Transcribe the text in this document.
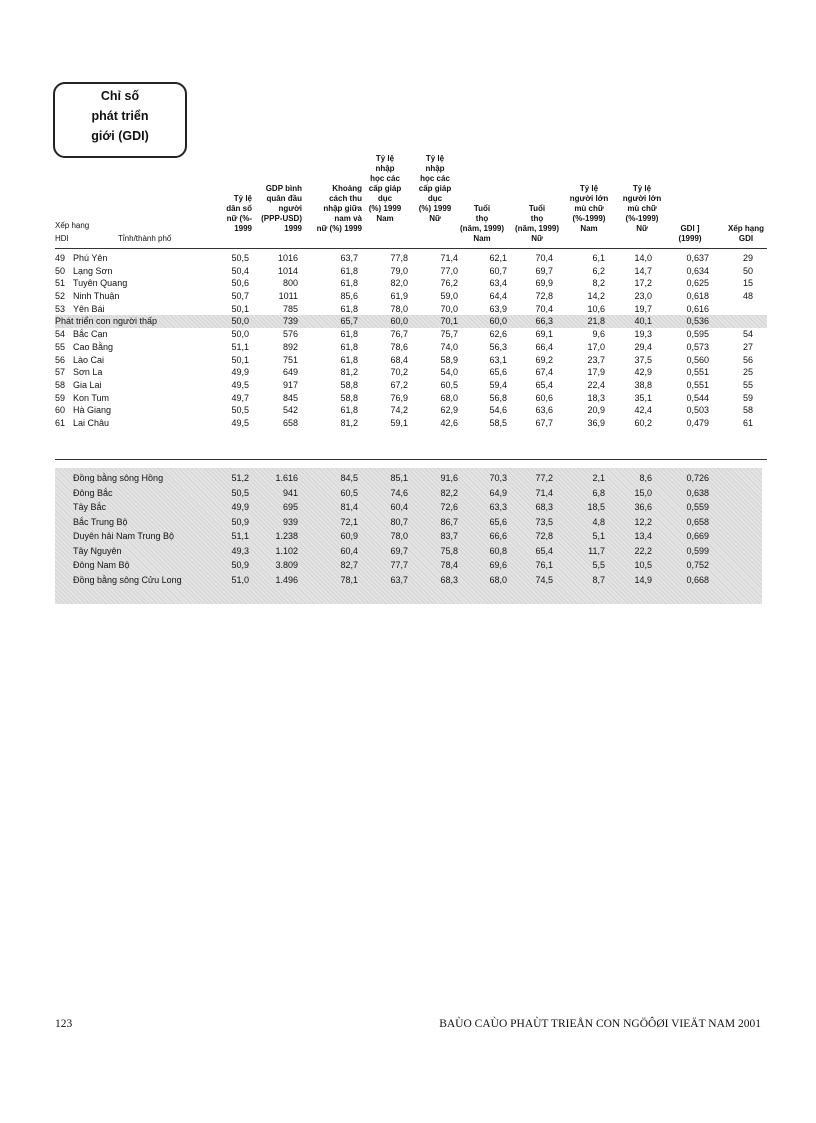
Chỉ số
phát triển
giới (GDI)
Xếp hạng
HDI	Tỉnh/thành phố
Tỷ lệ
dân số
nữ (%-
1999
GDP bình
quân đầu
người
(PPP-USD)
1999
Khoảng
cách thu
nhập giữa
nam và
nữ (%) 1999
Tỷ lệ
nhập
học các
cấp giáp
dục
(%) 1999
Nam
Tỷ lệ
nhập
học các
cấp giáp
dục
(%) 1999
Nữ
Tuổi
thọ
(năm, 1999)
Nam
Tuổi
thọ
(năm, 1999)
Nữ
Tỷ lệ
người lớn
mù chữ
(%-1999)
Nam
Tỷ lệ
người lớn
mù chữ
(%-1999)
Nữ	GDI ]
(1999)
Xếp hạng
GDI
49 Phú Yên	50,5	1016	63,7	77,8	71,4	62,1	70,4	6,1	14,0	0,637	29
50 Lạng Sơn	50,4	1014	61,8	79,0	77,0	60,7	69,7	6,2	14,7	0,634	50
51 Tuyên Quang	50,6	800	61,8	82,0	76,2	63,4	69,9	8,2	17,2	0,625	15
52 Ninh Thuận	50,7	1011	85,6	61,9	59,0	64,4	72,8	14,2	23,0	0,618	48
53 Yên Bái	50,1	785	61,8	78,0	70,0	63,9	70,4	10,6	19,7	0,616
Phát triển con người thấp	50,0	739	65,7	60,0	70,1	60,0	66,3	21,8	40,1	0,536
54 Bắc Cạn	50,0	576	61,8	76,7	75,7	62,6	69,1	9,6	19,3	0,595	54
55 Cao Bằng	51,1	892	61,8	78,6	74,0	56,3	66,4	17,0	29,4	0,573	27
56 Lào Cai	50,1	751	61,8	68,4	58,9	63,1	69,2	23,7	37,5	0,560	56
57 Sơn La	49,9	649	81,2	70,2	54,0	65,6	67,4	17,9	42,9	0,551	25
58 Gia Lai	49,5	917	58,8	67,2	60,5	59,4	65,4	22,4	38,8	0,551	55
59 Kon Tum	49,7	845	58,8	76,9	68,0	56,8	60,6	18,3	35,1	0,544	59
60 Hà Giang	50,5	542	61,8	74,2	62,9	54,6	63,6	20,9	42,4	0,503	58
61 Lai Châu	49,5	658	81,2	59,1	42,6	58,5	67,7	36,9	60,2	0,479	61
Đồng bằng sông Hồng	51,2	1.616	84,5	85,1	91,6	70,3	77,2	2,1	8,6	0,726
Đông Bắc	50,5	941	60,5	74,6	82,2	64,9	71,4	6,8	15,0	0,638
Tây Bắc	49,9	695	81,4	60,4	72,6	63,3	68,3	18,5	36,6	0,559
Bắc Trung Bộ	50,9	939	72,1	80,7	86,7	65,6	73,5	4,8	12,2	0,658
Duyên hải Nam Trung Bộ	51,1	1.238	60,9	78,0	83,7	66,6	72,8	5,1	13,4	0,669
Tây Nguyên	49,3	1.102	60,4	69,7	75,8	60,8	65,4	11,7	22,2	0,599
Đông Nam Bộ	50,9	3.809	82,7	77,7	78,4	69,6	76,1	5,5	10,5	0,752
Đồng bằng sông Cửu Long	51,0	1.496	78,1	63,7	68,3	68,0	74,5	8,7	14,9	0,668
123	BAÙO CAÙO PHAÙT TRIEÅN CON NGÖÔØI VIEÄT NAM 2001
